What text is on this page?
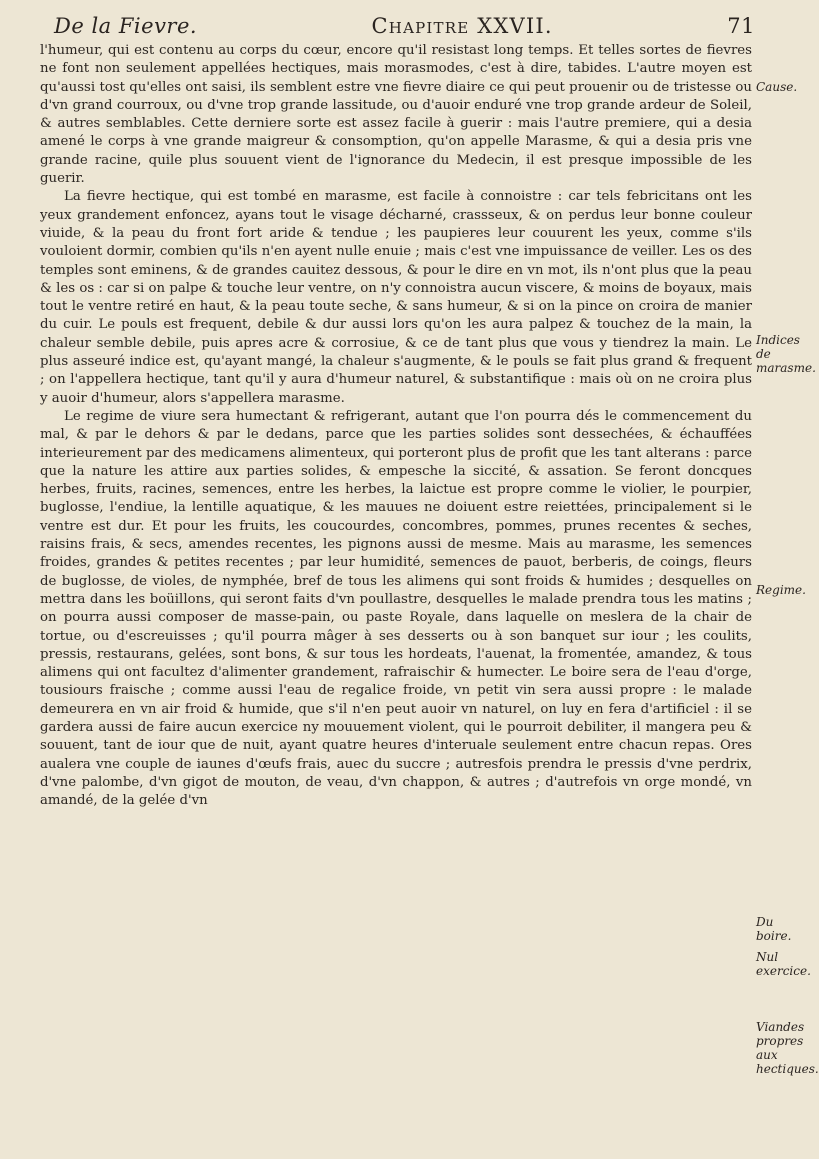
De la Fievre.	Chapitre XXVII.	71

l'humeur, qui est contenu au corps du cœur, encore qu'il resistast long temps. Et telles sortes de fievres ne font non seulement appellées hectiques, mais morasmodes, c'est à dire, tabides. L'autre moyen est qu'aussi tost qu'elles ont saisi, ils semblent estre vne fievre diaire ce qui peut prouenir ou de tristesse ou d'vn grand courroux, ou d'vne trop grande lassitude, ou d'auoir enduré vne trop grande ardeur de Soleil, & autres semblables. Cette derniere sorte est assez facile à guerir : mais l'autre premiere, qui a desia amené le corps à vne grande maigreur & consomption, qu'on appelle Marasme, & qui a desia pris vne grande racine, quile plus souuent vient de l'ignorance du Medecin, il est presque impossible de les guerir.

La fievre hectique, qui est tombé en marasme, est facile à connoistre : car tels febricitans ont les yeux grandement enfoncez, ayans tout le visage décharné, crassseux, & on perdus leur bonne couleur viuide, & la peau du front fort aride & tendue ; les paupieres leur couurent les yeux, comme s'ils vouloient dormir, combien qu'ils n'en ayent nulle enuie ; mais c'est vne impuissance de veiller. Les os des temples sont eminens, & de grandes cauitez dessous, & pour le dire en vn mot, ils n'ont plus que la peau & les os : car si on palpe & touche leur ventre, on n'y connoistra aucun viscere, & moins de boyaux, mais tout le ventre retiré en haut, & la peau toute seche, & sans humeur, & si on la pince on croira de manier du cuir. Le pouls est frequent, debile & dur aussi lors qu'on les aura palpez & touchez de la main, la chaleur semble debile, puis apres acre & corrosiue, & ce de tant plus que vous y tiendrez la main. Le plus asseuré indice est, qu'ayant mangé, la chaleur s'augmente, & le pouls se fait plus grand & frequent ; on l'appellera hectique, tant qu'il y aura d'humeur naturel, & substantifique : mais où on ne croira plus y auoir d'humeur, alors s'appellera marasme.

Le regime de viure sera humectant & refrigerant, autant que l'on pourra dés le commencement du mal, & par le dehors & par le dedans, parce que les parties solides sont dessechées, & échauffées interieurement par des medicamens alimenteux, qui porteront plus de profit que les tant alterans : parce que la nature les attire aux parties solides, & empesche la siccité, & assation. Se feront doncques herbes, fruits, racines, semences, entre les herbes, la laictue est propre comme le violier, le pourpier, buglosse, l'endiue, la lentille aquatique, & les mauues ne doiuent estre reiettées, principalement si le ventre est dur. Et pour les fruits, les coucourdes, concombres, pommes, prunes recentes & seches, raisins frais, & secs, amendes recentes, les pignons aussi de mesme. Mais au marasme, les semences froides, grandes & petites recentes ; par leur humidité, semences de pauot, berberis, de coings, fleurs de buglosse, de violes, de nymphée, bref de tous les alimens qui sont froids & humides ; desquelles on mettra dans les boüillons, qui seront faits d'vn poullastre, desquelles le malade prendra tous les matins ; on pourra aussi composer de masse-pain, ou paste Royale, dans laquelle on meslera de la chair de tortue, ou d'escreuisses ; qu'il pourra mâger à ses desserts ou à son banquet sur iour ; les coulits, pressis, restaurans, gelées, sont bons, & sur tous les hordeats, l'auenat, la fromentée, amandez, & tous alimens qui ont facultez d'alimenter grandement, rafraischir & humecter. Le boire sera de l'eau d'orge, tousiours fraische ; comme aussi l'eau de regalice froide, vn petit vin sera aussi propre : le malade demeurera en vn air froid & humide, que s'il n'en peut auoir vn naturel, on luy en fera d'artificiel : il se gardera aussi de faire aucun exercice ny mouuement violent, qui le pourroit debiliter, il mangera peu & souuent, tant de iour que de nuit, ayant quatre heures d'interuale seulement entre chacun repas. Ores aualera vne couple de iaunes d'œufs frais, auec du succre ; autresfois prendra le pressis d'vne perdrix, d'vne palombe, d'vn gigot de mouton, de veau, d'vn chappon, & autres ; d'autrefois vn orge mondé, vn amandé, de la gelée d'vn

Cause.
Indices de marasme.
Regime.
Du boire.
Nul exercice.
Viandes propres aux hectiques.
